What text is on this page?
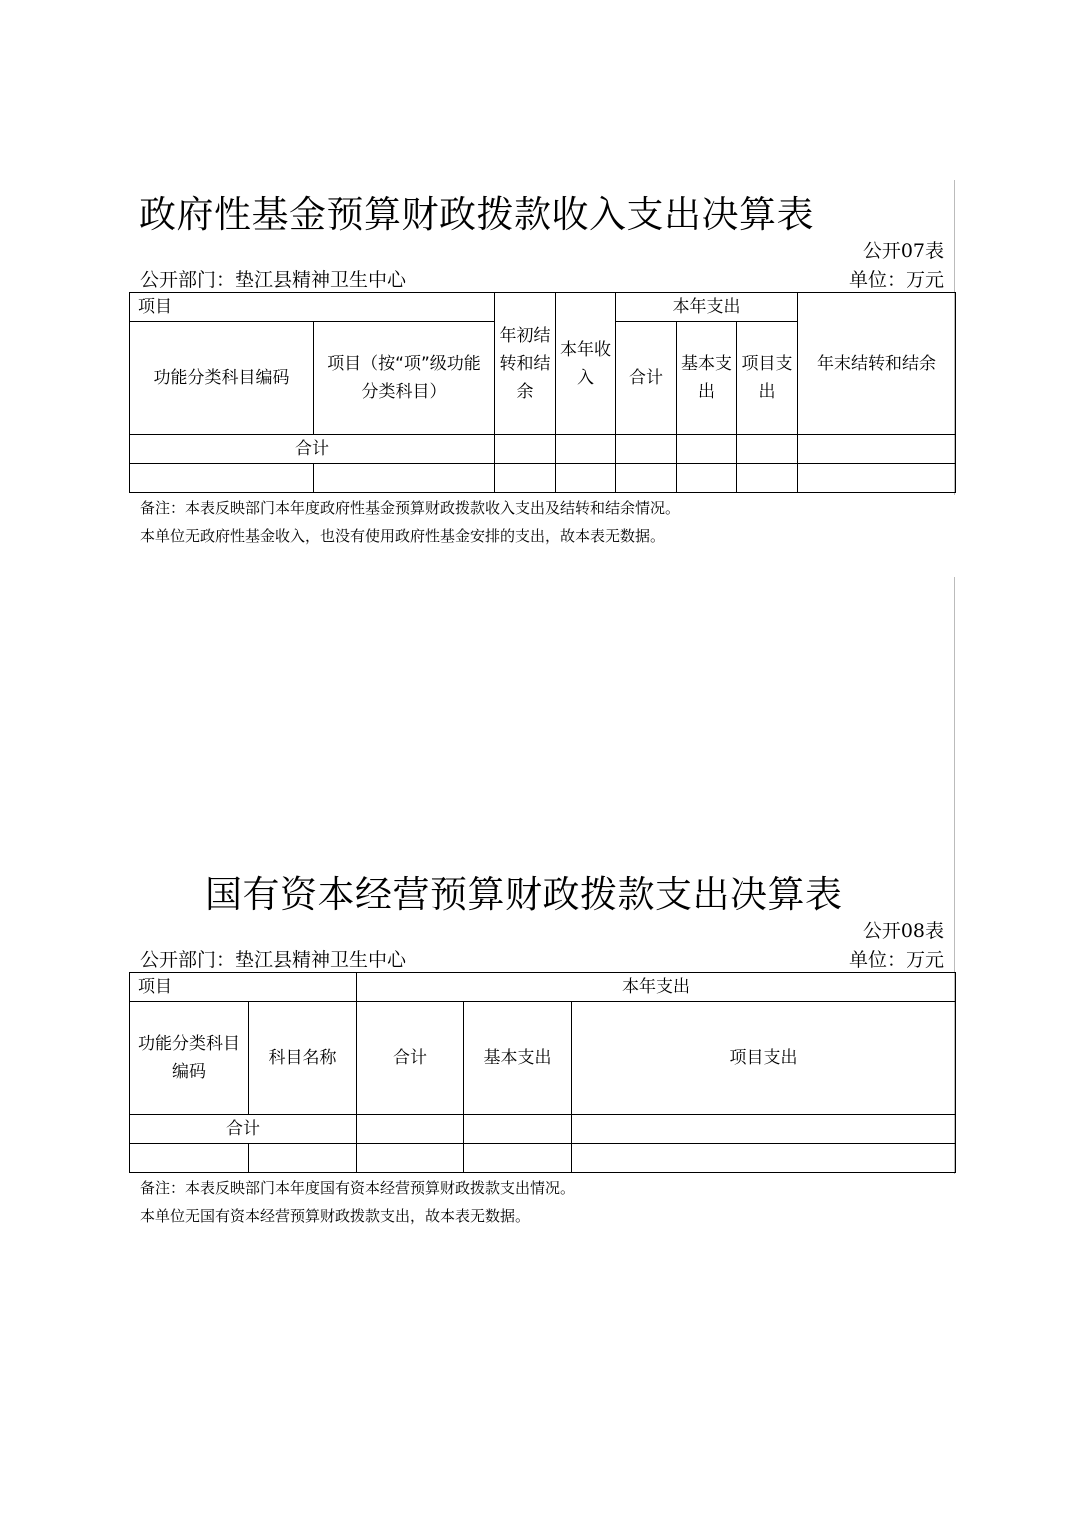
政府性基金预算财政拨款收入支出决算表
公开07表
公开部门：垫江县精神卫生中心	单位：万元
项目		年初结转和结余	本年收入	本年支出			年末结转和结余
功能分类科目编码	项目（按“项”级功能分类科目）			合计	基本支出	项目支出	
合计							

备注：本表反映部门本年度政府性基金预算财政拨款收入支出及结转和结余情况。
本单位无政府性基金收入，也没有使用政府性基金安排的支出，故本表无数据。
国有资本经营预算财政拨款支出决算表
公开08表
公开部门：垫江县精神卫生中心	单位：万元
项目		本年支出		
功能分类科目编码	科目名称	合计	基本支出	项目支出
合计				

备注：本表反映部门本年度国有资本经营预算财政拨款支出情况。
本单位无国有资本经营预算财政拨款支出，故本表无数据。
